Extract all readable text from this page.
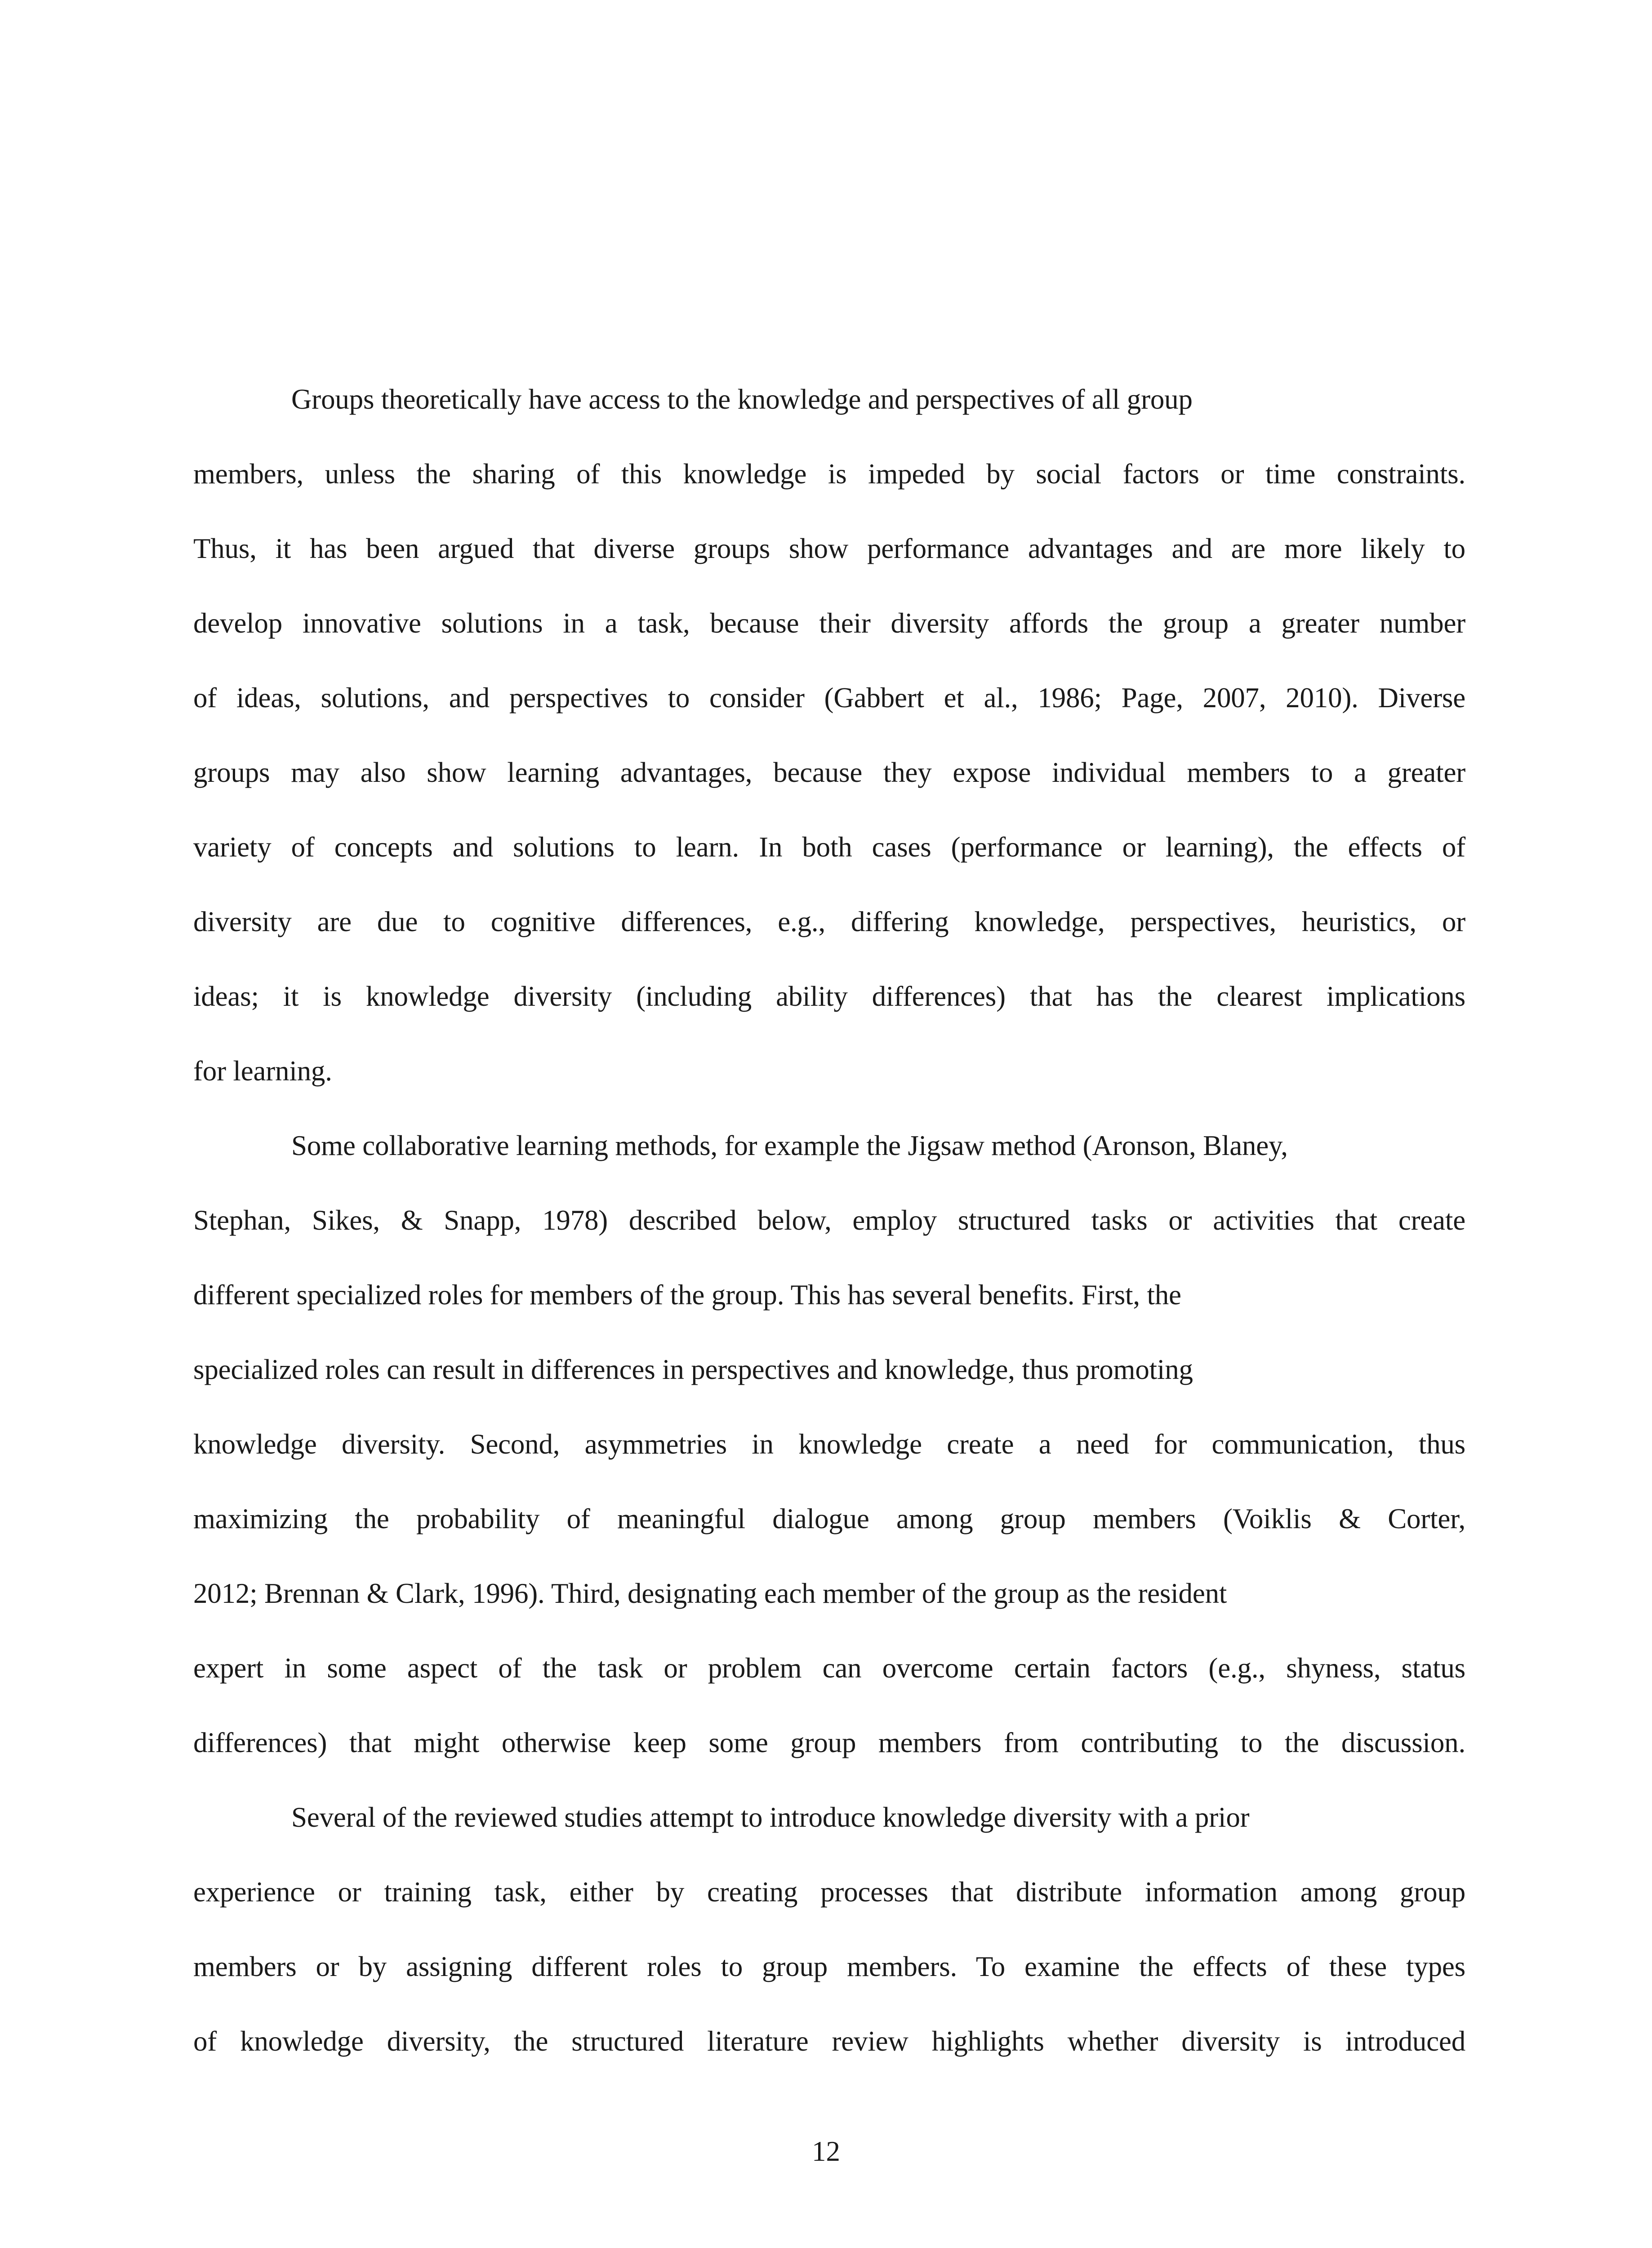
Groups theoretically have access to the knowledge and perspectives of all group
members, unless the sharing of this knowledge is impeded by social factors or time constraints.
Thus, it has been argued that diverse groups show performance advantages and are more likely to
develop innovative solutions in a task, because their diversity affords the group a greater number
of ideas, solutions, and perspectives to consider (Gabbert et al., 1986; Page, 2007, 2010). Diverse
groups may also show learning advantages, because they expose individual members to a greater
variety of concepts and solutions to learn. In both cases (performance or learning), the effects of
diversity are due to cognitive differences, e.g., differing knowledge, perspectives, heuristics, or
ideas; it is knowledge diversity (including ability differences) that has the clearest implications
for learning.
Some collaborative learning methods, for example the Jigsaw method (Aronson, Blaney,
Stephan, Sikes, & Snapp, 1978) described below, employ structured tasks or activities that create
different specialized roles for members of the group. This has several benefits. First, the
specialized roles can result in differences in perspectives and knowledge, thus promoting
knowledge diversity. Second, asymmetries in knowledge create a need for communication, thus
maximizing the probability of meaningful dialogue among group members (Voiklis & Corter,
2012; Brennan & Clark, 1996). Third, designating each member of the group as the resident
expert in some aspect of the task or problem can overcome certain factors (e.g., shyness, status
differences) that might otherwise keep some group members from contributing to the discussion.
Several of the reviewed studies attempt to introduce knowledge diversity with a prior
experience or training task, either by creating processes that distribute information among group
members or by assigning different roles to group members. To examine the effects of these types
of knowledge diversity, the structured literature review highlights whether diversity is introduced
12
